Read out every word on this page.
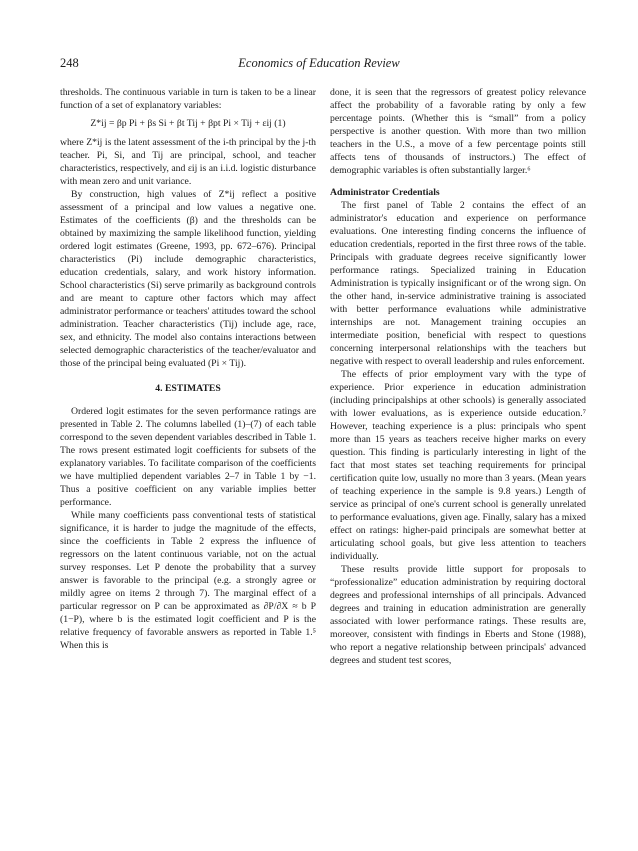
248	Economics of Education Review

thresholds. The continuous variable in turn is taken to be a linear function of a set of explanatory variables:

Z*ij = βp Pi + βs Si + βt Tij + βpt Pi × Tij + εij (1)

where Z*ij is the latent assessment of the i-th principal by the j-th teacher. Pi, Si, and Tij are principal, school, and teacher characteristics, respectively, and εij is an i.i.d. logistic disturbance with mean zero and unit variance.

By construction, high values of Z*ij reflect a positive assessment of a principal and low values a negative one. Estimates of the coefficients (β) and the thresholds can be obtained by maximizing the sample likelihood function, yielding ordered logit estimates (Greene, 1993, pp. 672–676). Principal characteristics (Pi) include demographic characteristics, education credentials, salary, and work history information. School characteristics (Si) serve primarily as background controls and are meant to capture other factors which may affect administrator performance or teachers' attitudes toward the school administration. Teacher characteristics (Tij) include age, race, sex, and ethnicity. The model also contains interactions between selected demographic characteristics of the teacher/evaluator and those of the principal being evaluated (Pi × Tij).

4. ESTIMATES

Ordered logit estimates for the seven performance ratings are presented in Table 2. The columns labelled (1)–(7) of each table correspond to the seven dependent variables described in Table 1. The rows present estimated logit coefficients for subsets of the explanatory variables. To facilitate comparison of the coefficients we have multiplied dependent variables 2–7 in Table 1 by −1. Thus a positive coefficient on any variable implies better performance.

While many coefficients pass conventional tests of statistical significance, it is harder to judge the magnitude of the effects, since the coefficients in Table 2 express the influence of regressors on the latent continuous variable, not on the actual survey responses. Let P denote the probability that a survey answer is favorable to the principal (e.g. a strongly agree or mildly agree on items 2 through 7). The marginal effect of a particular regressor on P can be approximated as ∂P/∂X ≈ b P (1−P), where b is the estimated logit coefficient and P is the relative frequency of favorable answers as reported in Table 1.⁵ When this is

done, it is seen that the regressors of greatest policy relevance affect the probability of a favorable rating by only a few percentage points. (Whether this is “small” from a policy perspective is another question. With more than two million teachers in the U.S., a move of a few percentage points still affects tens of thousands of instructors.) The effect of demographic variables is often substantially larger.⁶

Administrator Credentials

The first panel of Table 2 contains the effect of an administrator's education and experience on performance evaluations. One interesting finding concerns the influence of education credentials, reported in the first three rows of the table. Principals with graduate degrees receive significantly lower performance ratings. Specialized training in Education Administration is typically insignificant or of the wrong sign. On the other hand, in-service administrative training is associated with better performance evaluations while administrative internships are not. Management training occupies an intermediate position, beneficial with respect to questions concerning interpersonal relationships with the teachers but negative with respect to overall leadership and rules enforcement.

The effects of prior employment vary with the type of experience. Prior experience in education administration (including principalships at other schools) is generally associated with lower evaluations, as is experience outside education.⁷ However, teaching experience is a plus: principals who spent more than 15 years as teachers receive higher marks on every question. This finding is particularly interesting in light of the fact that most states set teaching requirements for principal certification quite low, usually no more than 3 years. (Mean years of teaching experience in the sample is 9.8 years.) Length of service as principal of one's current school is generally unrelated to performance evaluations, given age. Finally, salary has a mixed effect on ratings: higher-paid principals are somewhat better at articulating school goals, but give less attention to teachers individually.

These results provide little support for proposals to “professionalize” education administration by requiring doctoral degrees and professional internships of all principals. Advanced degrees and training in education administration are generally associated with lower performance ratings. These results are, moreover, consistent with findings in Eberts and Stone (1988), who report a negative relationship between principals' advanced degrees and student test scores,
